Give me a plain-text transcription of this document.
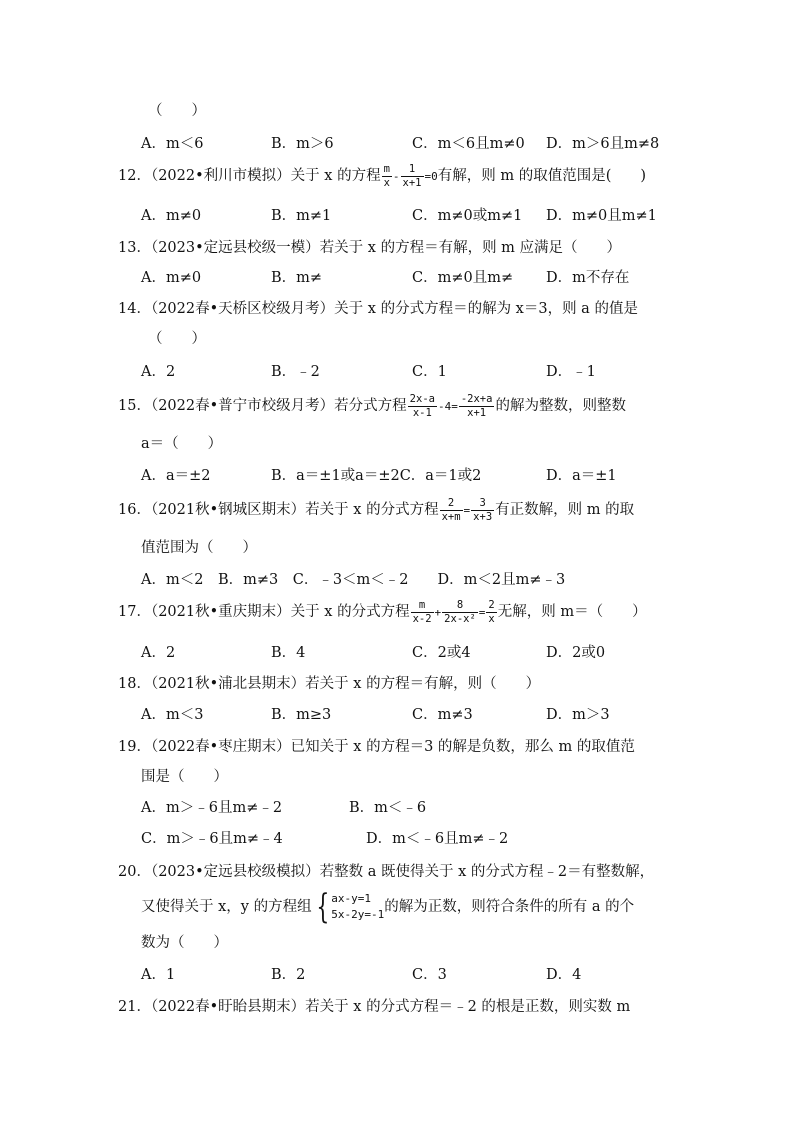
（　　）
A．m＜6	B．m＞6	C．m＜6且m≠0 D．m＞6且m≠8
12．（2022•利川市模拟）关于 x 的方程 $\frac{m}{x} - \frac{1}{x+1} =0$有解，则 m 的取值范围是(　　)
A．m≠0	B．m≠1	C．m≠0或m≠1 D．m≠0且m≠1
13．（2023•定远县校级一模）若关于 x 的方程＝有解，则 m 应满足（　　）
A．m≠0	B．m≠	C．m≠0且m≠ D．m不存在
14．（2022春•天桥区校级月考）关于 x 的分式方程＝的解为 x＝3，则 a 的值是
（　　）
A．2	B．﹣2	C．1	D．﹣1
15．（2022春•普宁市校级月考）若分式方程 $\frac{2x-a}{x-1} -4= \frac{-2x+a}{x+1}$ 的解为整数，则整数
a＝（　　）
A．a＝±2	B．a＝±1或a＝±2C．a＝1或2	D．a＝±1
16．（2021秋•钢城区期末）若关于 x 的分式方程 $\frac{2}{x+m} = \frac{3}{x+3}$ 有正数解，则 m 的取
值范围为（　　）
A．m＜2　B．m≠3　C．﹣3＜m＜﹣2　　D．m＜2且m≠﹣3
17．（2021秋•重庆期末）关于 x 的分式方程 $\frac{m}{x-2} + \frac{8}{\text{2x-x²}} = \frac{2}{x}$ 无解，则 m＝（　　）
A．2	B．4	C．2或4	D．2或0
18．（2021秋•浦北县期末）若关于 x 的方程＝有解，则（　　）
A．m＜3	B．m≥3	C．m≠3	D．m＞3
19．（2022春•枣庄期末）已知关于 x 的方程＝3 的解是负数，那么 m 的取值范
围是（　　）
A．m＞﹣6且m≠﹣2	B．m＜﹣6
C．m＞﹣6且m≠﹣4	D．m＜﹣6且m≠﹣2
20．（2023•定远县校级模拟）若整数 a 既使得关于 x 的分式方程﹣2＝有整数解，
又使得关于 x，y 的方程组 { ax-y=1
5x-2y=-1 的解为正数，则符合条件的所有 a 的个
数为（　　）
A．1	B．2	C．3	D．4
21．（2022春•盱眙县期末）若关于 x 的分式方程＝﹣2 的根是正数，则实数 m
